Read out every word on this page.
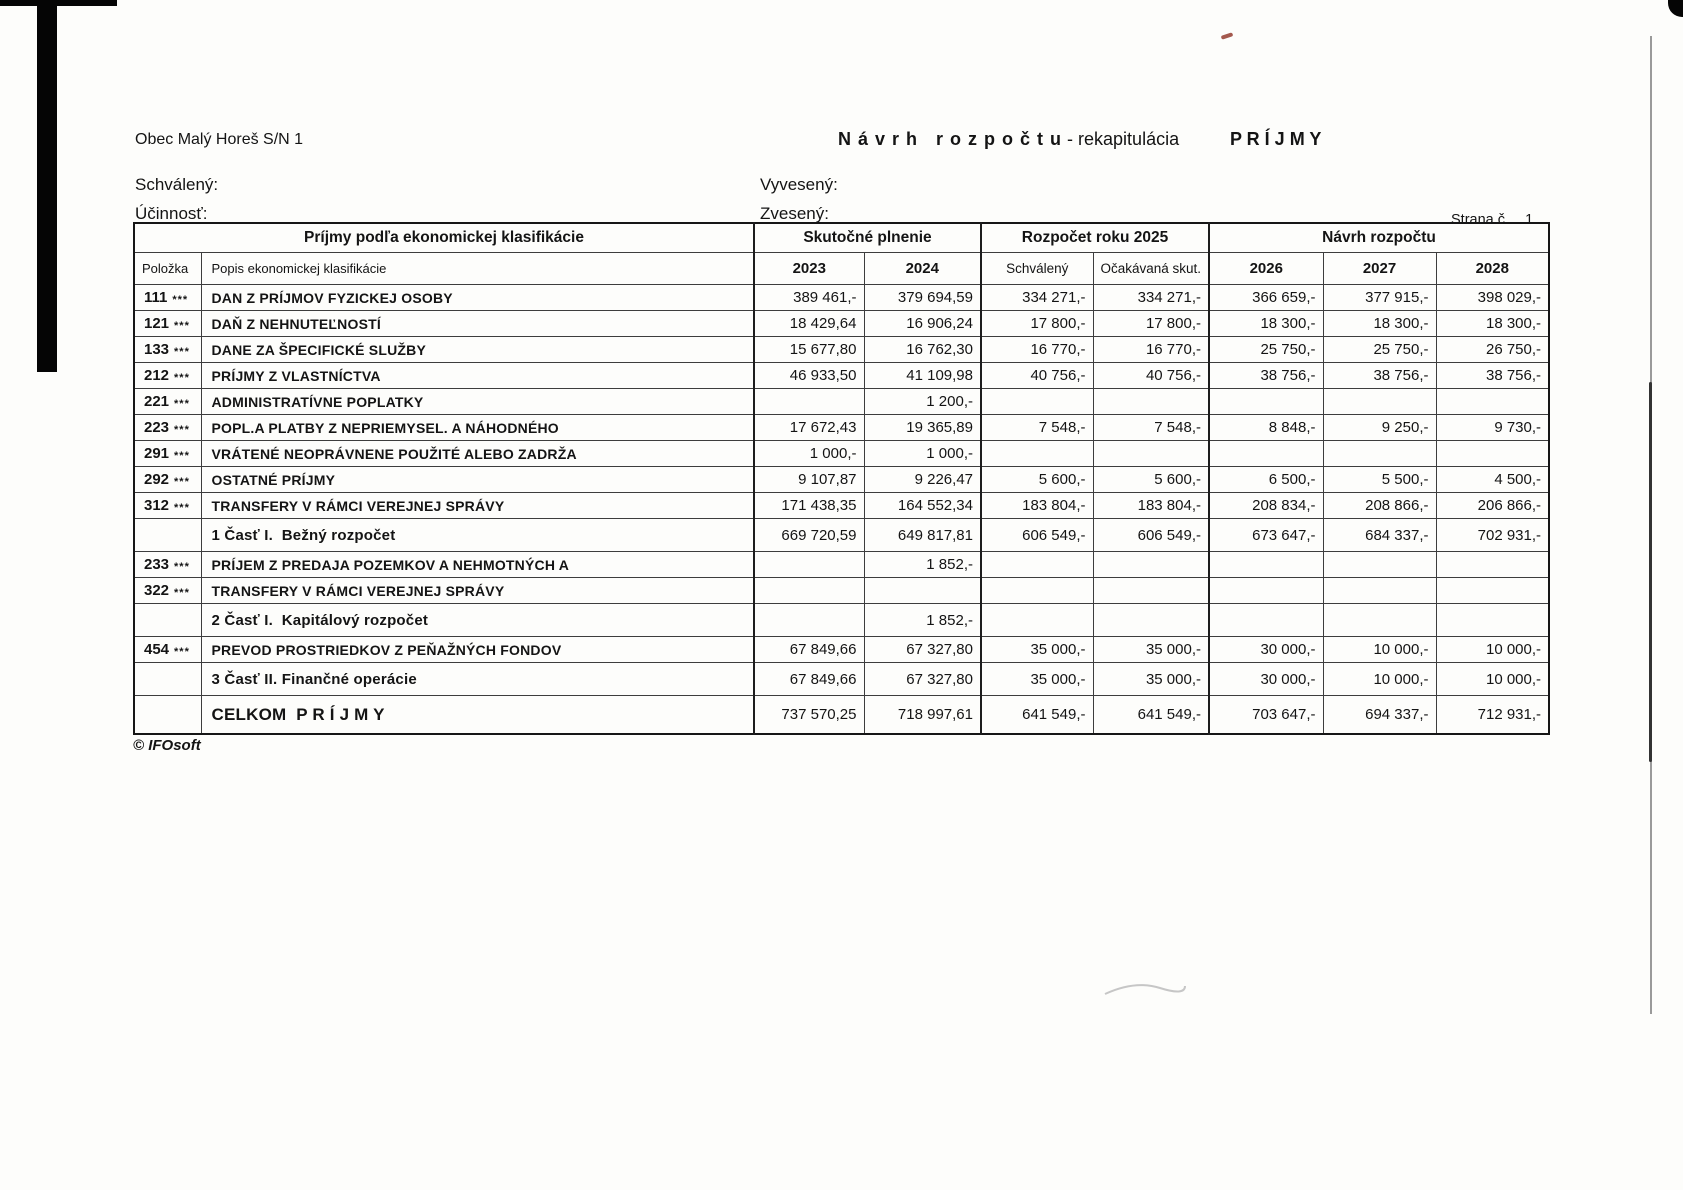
Obec Malý Horeš S/N 1	N á v r h   r o z p o č t u - rekapitulácia	P R Í J M Y
Schválený:	Vyvesený:
Účinnosť:	Zvesený:	Strana č.    1
Príjmy podľa ekonomickej klasifikácie		Skutočné plnenie		Rozpočet roku 2025		Návrh rozpočtu		
Položka	Popis ekonomickej klasifikácie	2023	2024	Schválený	Očakávaná skut.	2026	2027	2028
111 ***	DAN Z PRÍJMOV FYZICKEJ OSOBY	389 461,-	379 694,59	334 271,-	334 271,-	366 659,-	377 915,-	398 029,-
121 ***	DAŇ Z NEHNUTEĽNOSTÍ	18 429,64	16 906,24	17 800,-	17 800,-	18 300,-	18 300,-	18 300,-
133 ***	DANE ZA ŠPECIFICKÉ SLUŽBY	15 677,80	16 762,30	16 770,-	16 770,-	25 750,-	25 750,-	26 750,-
212 ***	PRÍJMY Z VLASTNÍCTVA	46 933,50	41 109,98	40 756,-	40 756,-	38 756,-	38 756,-	38 756,-
221 ***	ADMINISTRATÍVNE POPLATKY		1 200,-					
223 ***	POPL.A PLATBY Z NEPRIEMYSEL. A NÁHODNÉHO	17 672,43	19 365,89	7 548,-	7 548,-	8 848,-	9 250,-	9 730,-
291 ***	VRÁTENÉ NEOPRÁVNENE POUŽITÉ ALEBO ZADRŽA	1 000,-	1 000,-					
292 ***	OSTATNÉ PRÍJMY	9 107,87	9 226,47	5 600,-	5 600,-	6 500,-	5 500,-	4 500,-
312 ***	TRANSFERY V RÁMCI VEREJNEJ SPRÁVY	171 438,35	164 552,34	183 804,-	183 804,-	208 834,-	208 866,-	206 866,-
	1 Časť I.  Bežný rozpočet	669 720,59	649 817,81	606 549,-	606 549,-	673 647,-	684 337,-	702 931,-
233 ***	PRÍJEM Z PREDAJA POZEMKOV A NEHMOTNÝCH A		1 852,-					
322 ***	TRANSFERY V RÁMCI VEREJNEJ SPRÁVY							
	2 Časť I.  Kapitálový rozpočet		1 852,-					
454 ***	PREVOD PROSTRIEDKOV Z PEŇAŽNÝCH FONDOV	67 849,66	67 327,80	35 000,-	35 000,-	30 000,-	10 000,-	10 000,-
	3 Časť II. Finančné operácie	67 849,66	67 327,80	35 000,-	35 000,-	30 000,-	10 000,-	10 000,-
	CELKOM  P R Í J M Y	737 570,25	718 997,61	641 549,-	641 549,-	703 647,-	694 337,-	712 931,-
© IFOsoft
